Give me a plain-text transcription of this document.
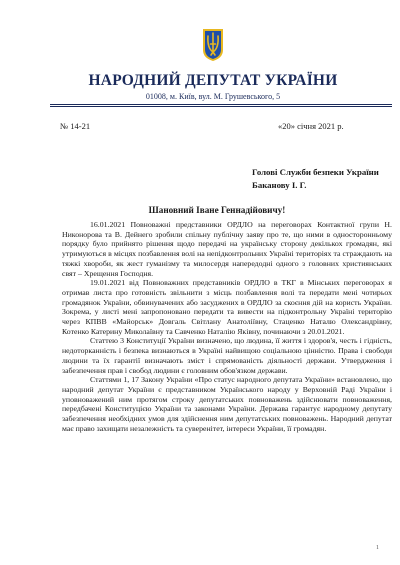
НАРОДНИЙ ДЕПУТАТ УКРАЇНИ
01008, м. Київ, вул. М. Грушевського, 5
№ 14-21	«20» січня 2021 р.
Голові Служби безпеки України
Баканову І. Г.
Шановний Іване Геннадійовичу!

16.01.2021 Повноважні представники ОРДЛО на переговорах Контактної групи Н. Никонорова та В. Дейнего зробили спільну публічну заяву про те, що ними в односторонньому порядку було прийнято рішення щодо передачі на українську сторону декількох громадян, які утримуються в місцях позбавлення волі на непідконтрольних Україні територіях та страждають на тяжкі хвороби, як жест гуманізму та милосердя напередодні одного з головних християнських свят – Хрещення Господня.

19.01.2021 від Повноважних представників ОРДЛО в ТКГ в Мінських переговорах я отримав листа про готовність звільнити з місць позбавлення волі та передати мені чотирьох громадянок України, обвинувачених або засуджених в ОРДЛО за скоєння дій на користь України. Зокрема, у листі мені запропоновано передати та вивести на підконтрольну Україні територію через КПВВ «Майорськ» Довгаль Світлану Анатоліївну, Стаценко Наталю Олександрівну, Котенко Катерину Миколаївну та Савченко Наталію Яківну, починаючи з 20.01.2021.

Статтею 3 Конституції України визначено, що людина, її життя і здоров'я, честь і гідність, недоторканність і безпека визнаються в Україні найвищою соціальною цінністю. Права і свободи людини та їх гарантії визначають зміст і спрямованість діяльності держави. Утвердження і забезпечення прав і свобод людини є головним обов'язком держави.

Статтями 1, 17 Закону України «Про статус народного депутата України» встановлено, що народний депутат України є представником Українського народу у Верховній Раді України і уповноважений ним протягом строку депутатських повноважень здійснювати повноваження, передбачені Конституцією України та законами України. Держава гарантує народному депутату забезпечення необхідних умов для здійснення ним депутатських повноважень. Народний депутат має право захищати незалежність та суверенітет, інтереси України, її громадян.

1
